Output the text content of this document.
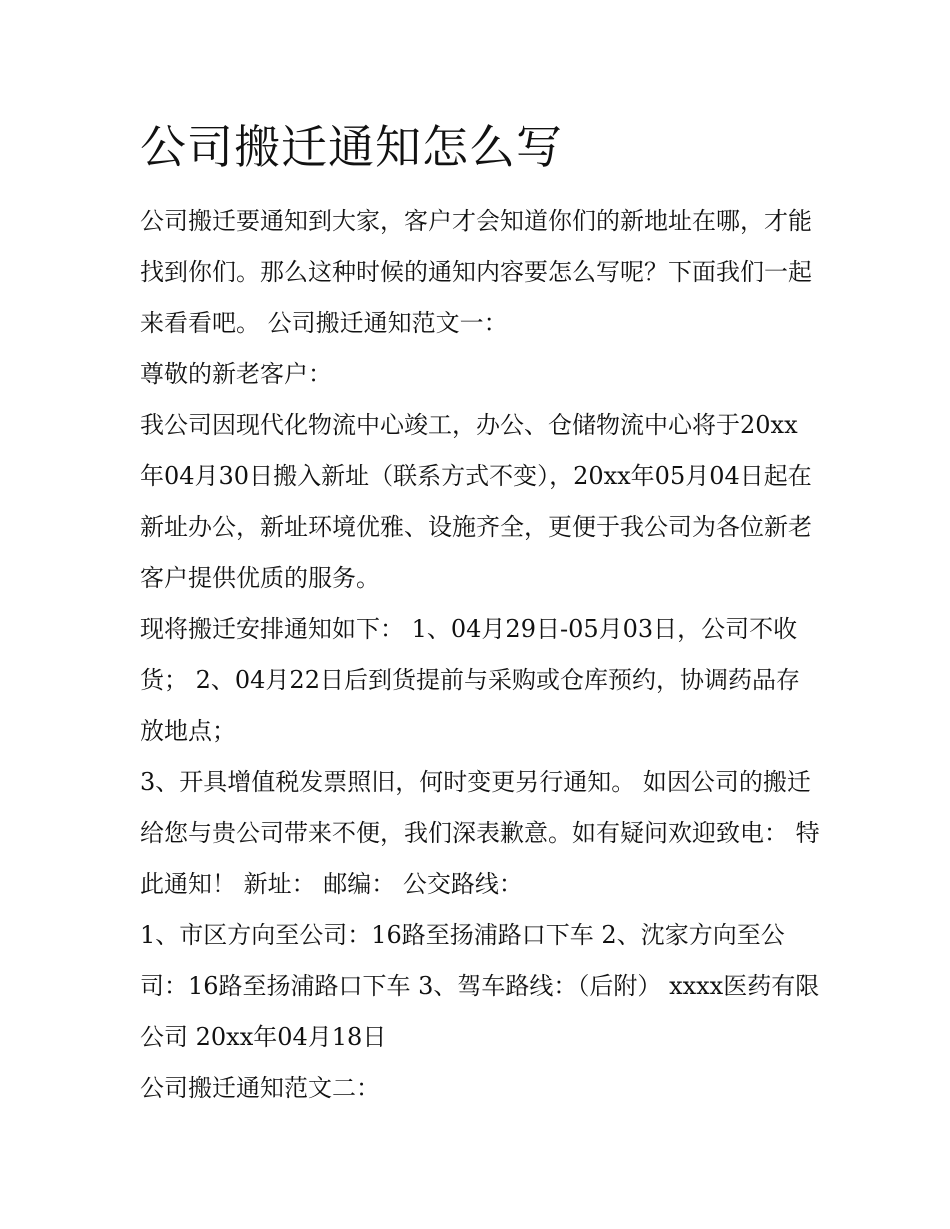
公司搬迁通知怎么写

公司搬迁要通知到大家，客户才会知道你们的新地址在哪，才能找到你们。那么这种时候的通知内容要怎么写呢？下面我们一起来看看吧。 公司搬迁通知范文一：

尊敬的新老客户：

我公司因现代化物流中心竣工，办公、仓储物流中心将于20xx年04月30日搬入新址（联系方式不变），20xx年05月04日起在新址办公，新址环境优雅、设施齐全，更便于我公司为各位新老客户提供优质的服务。

现将搬迁安排通知如下： 1、04月29日-05月03日，公司不收货； 2、04月22日后到货提前与采购或仓库预约，协调药品存放地点；

3、开具增值税发票照旧，何时变更另行通知。 如因公司的搬迁给您与贵公司带来不便，我们深表歉意。如有疑问欢迎致电： 特此通知！ 新址： 邮编： 公交路线：

1、市区方向至公司：16路至扬浦路口下车 2、沈家方向至公司：16路至扬浦路口下车 3、驾车路线：（后附） xxxx医药有限公司 20xx年04月18日

公司搬迁通知范文二：
